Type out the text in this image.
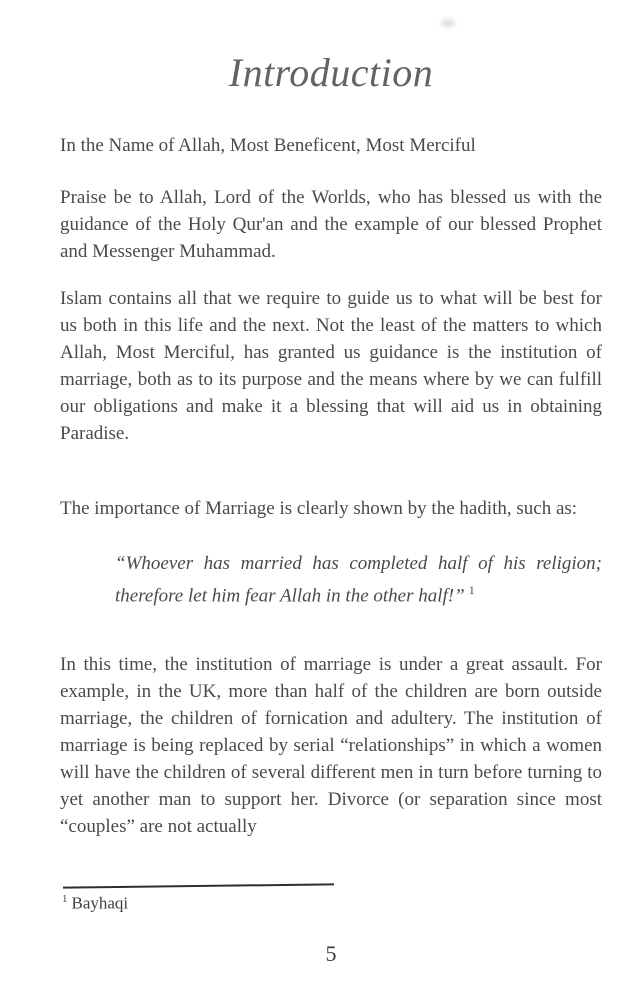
Introduction

In the Name of Allah, Most Beneficent, Most Merciful

Praise be to Allah, Lord of the Worlds, who has blessed us with the guidance of the Holy Qur'an and the example of our blessed Prophet and Messenger Muhammad.

Islam contains all that we require to guide us to what will be best for us both in this life and the next. Not the least of the matters to which Allah, Most Merciful, has granted us guidance is the institution of marriage, both as to its purpose and the means where by we can fulfill our obligations and make it a blessing that will aid us in obtaining Paradise.

The importance of Marriage is clearly shown by the hadith, such as:

“Whoever has married has completed half of his religion; therefore let him fear Allah in the other half!” $^1$

In this time, the institution of marriage is under a great assault. For example, in the UK, more than half of the children are born outside marriage, the children of fornication and adultery. The institution of marriage is being replaced by serial “relationships” in which a women will have the children of several different men in turn before turning to yet another man to support her. Divorce (or separation since most “couples” are not actually

$^1$ Bayhaqi
5
